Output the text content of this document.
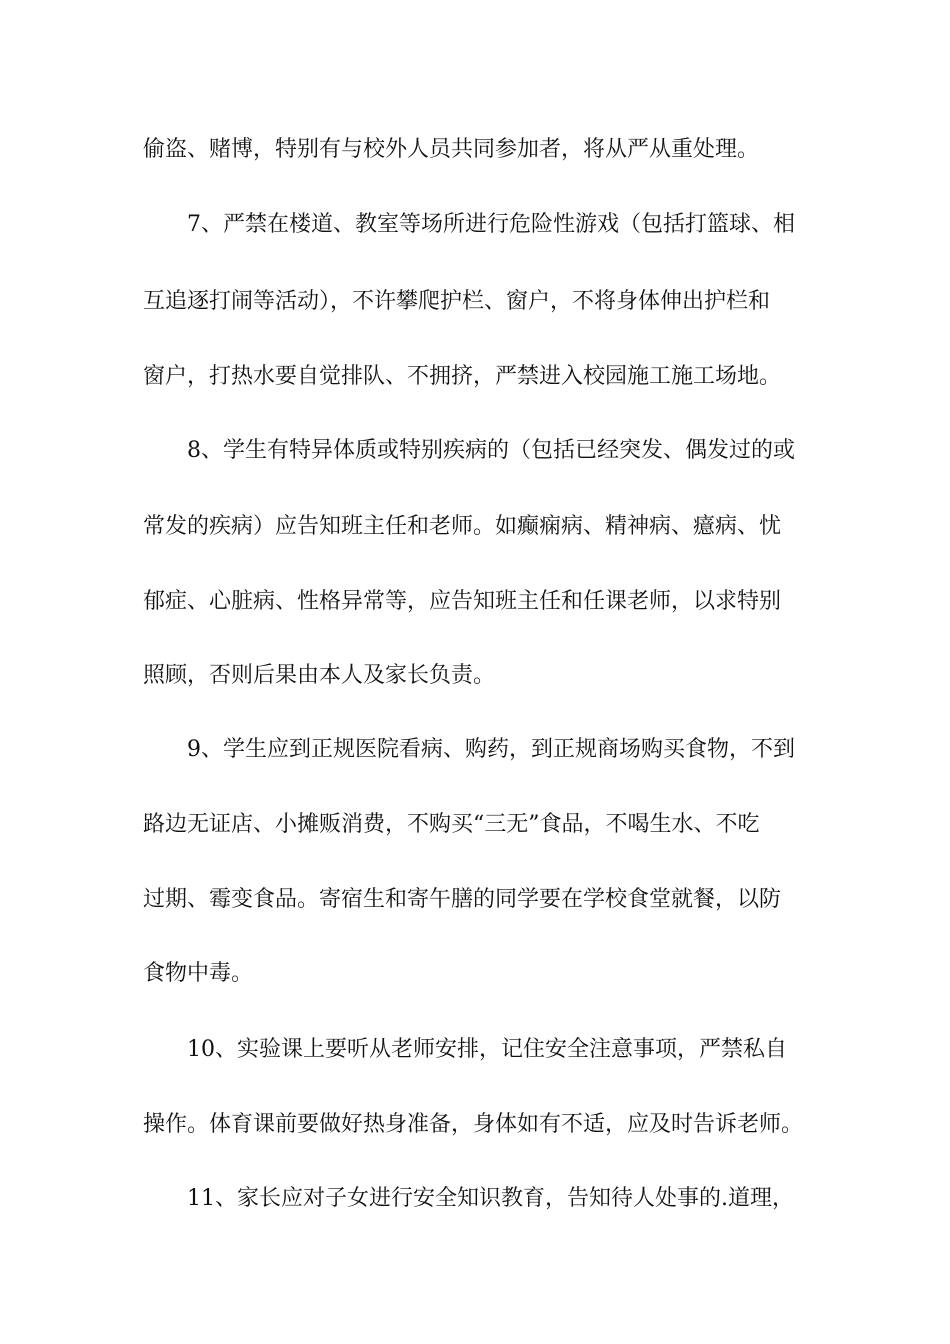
偷盗、赌博，特别有与校外人员共同参加者，将从严从重处理。
7、严禁在楼道、教室等场所进行危险性游戏（包括打篮球、相
互追逐打闹等活动），不许攀爬护栏、窗户，不将身体伸出护栏和
窗户，打热水要自觉排队、不拥挤，严禁进入校园施工施工场地。
8、学生有特异体质或特别疾病的（包括已经突发、偶发过的或
常发的疾病）应告知班主任和老师。如癫痫病、精神病、癔病、忧
郁症、心脏病、性格异常等，应告知班主任和任课老师，以求特别
照顾，否则后果由本人及家长负责。
9、学生应到正规医院看病、购药，到正规商场购买食物，不到
路边无证店、小摊贩消费，不购买“三无”食品，不喝生水、不吃
过期、霉变食品。寄宿生和寄午膳的同学要在学校食堂就餐，以防
食物中毒。
10、实验课上要听从老师安排，记住安全注意事项，严禁私自
操作。体育课前要做好热身准备，身体如有不适，应及时告诉老师。
11、家长应对子女进行安全知识教育，告知待人处事的.道理，
